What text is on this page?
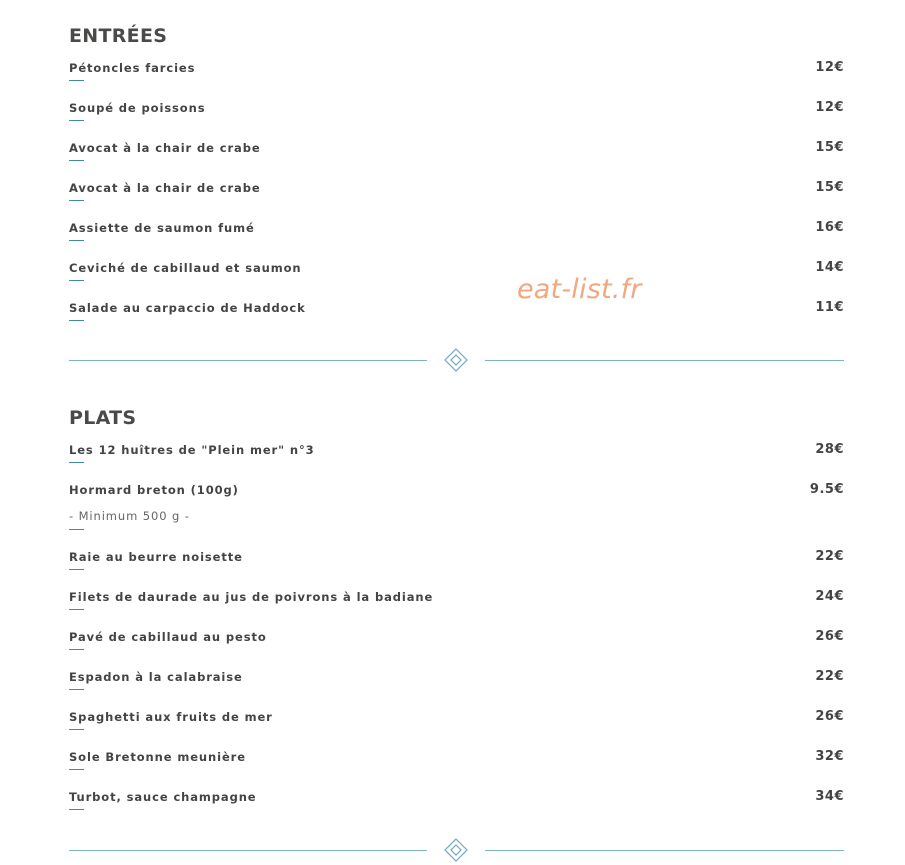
ENTRÉES
Pétoncles farcies	12€
Soupé de poissons	12€
Avocat à la chair de crabe	15€
Avocat à la chair de crabe	15€
Assiette de saumon fumé	16€
Ceviché de cabillaud et saumon	14€
Salade au carpaccio de Haddock	11€
PLATS
Les 12 huîtres de "Plein mer" n°3	28€
Hormard breton (100g)	9.5€
- Minimum 500 g -
Raie au beurre noisette	22€
Filets de daurade au jus de poivrons à la badiane	24€
Pavé de cabillaud au pesto	26€
Espadon à la calabraise	22€
Spaghetti aux fruits de mer	26€
Sole Bretonne meunière	32€
Turbot, sauce champagne	34€
eat-list.fr
